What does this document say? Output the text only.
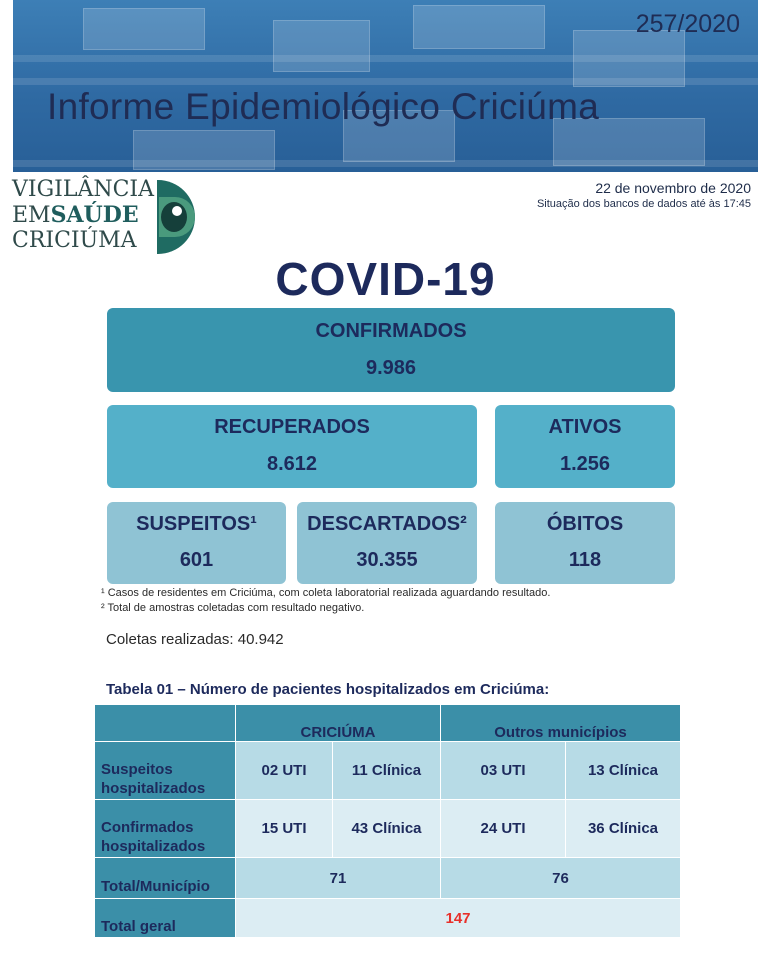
257/2020
Informe Epidemiológico Criciúma
VIGILÂNCIA
EMSAÚDE
CRICIÚMA
22 de novembro de 2020
Situação dos bancos de dados até às 17:45
COVID-19
CONFIRMADOS
9.986
RECUPERADOS
8.612
ATIVOS
1.256
SUSPEITOS¹
601
DESCARTADOS²
30.355
ÓBITOS
118
¹ Casos de residentes em Criciúma, com coleta laboratorial realizada aguardando resultado.
² Total de amostras coletadas com resultado negativo.
Coletas realizadas: 40.942
Tabela 01 – Número de pacientes hospitalizados em Criciúma:
CRICIÚMA	Outros municípios
Suspeitos
hospitalizados
02 UTI	11 Clínica	03 UTI	13 Clínica
Confirmados
hospitalizados
15 UTI	43 Clínica	24 UTI	36 Clínica
Total/Município	71	76
Total geral	147
